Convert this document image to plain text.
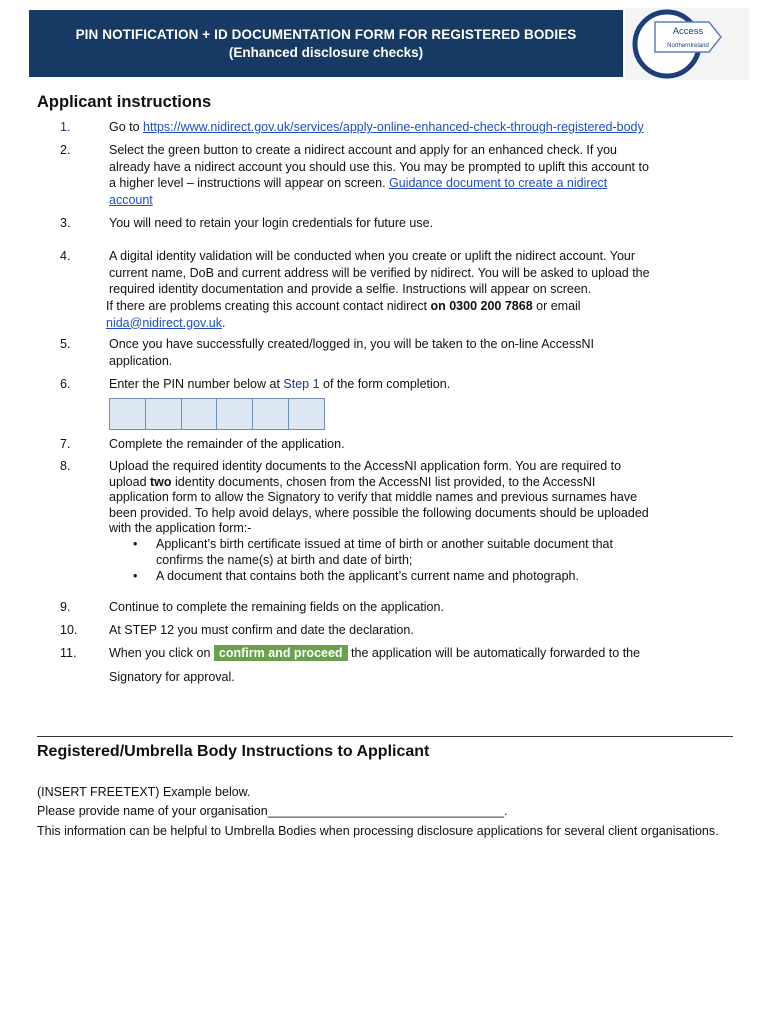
PIN NOTIFICATION + ID DOCUMENTATION FORM FOR REGISTERED BODIES
(Enhanced disclosure checks)
Access
NorthernIreland
Applicant instructions
1.	Go to https://www.nidirect.gov.uk/services/apply-online-enhanced-check-through-registered-body
2.	Select the green button to create a nidirect account and apply for an enhanced check. If you
already have a nidirect account you should use this. You may be prompted to uplift this account to
a higher level – instructions will appear on screen. Guidance document to create a nidirect
account
3.	You will need to retain your login credentials for future use.
4.	A digital identity validation will be conducted when you create or uplift the nidirect account. Your
current name, DoB and current address will be verified by nidirect. You will be asked to upload the
required identity documentation and provide a selfie. Instructions will appear on screen.
If there are problems creating this account contact nidirect on 0300 200 7868 or email
nida@nidirect.gov.uk.
5.	Once you have successfully created/logged in, you will be taken to the on-line AccessNI
application.
6.	Enter the PIN number below at Step 1 of the form completion.
7.	Complete the remainder of the application.
8.	Upload the required identity documents to the AccessNI application form. You are required to
upload two identity documents, chosen from the AccessNI list provided, to the AccessNI
application form to allow the Signatory to verify that middle names and previous surnames have
been provided. To help avoid delays, where possible the following documents should be uploaded
with the application form:-
• Applicant’s birth certificate issued at time of birth or another suitable document that
confirms the name(s) at birth and date of birth;
• A document that contains both the applicant’s current name and photograph.
9.	Continue to complete the remaining fields on the application.
10.	At STEP 12 you must confirm and date the declaration.
11.	When you click on confirm and proceed the application will be automatically forwarded to the
Signatory for approval.
Registered/Umbrella Body Instructions to Applicant
(INSERT FREETEXT) Example below.
Please provide name of your organisation__________________________________.
This information can be helpful to Umbrella Bodies when processing disclosure applications for several client organisations.
